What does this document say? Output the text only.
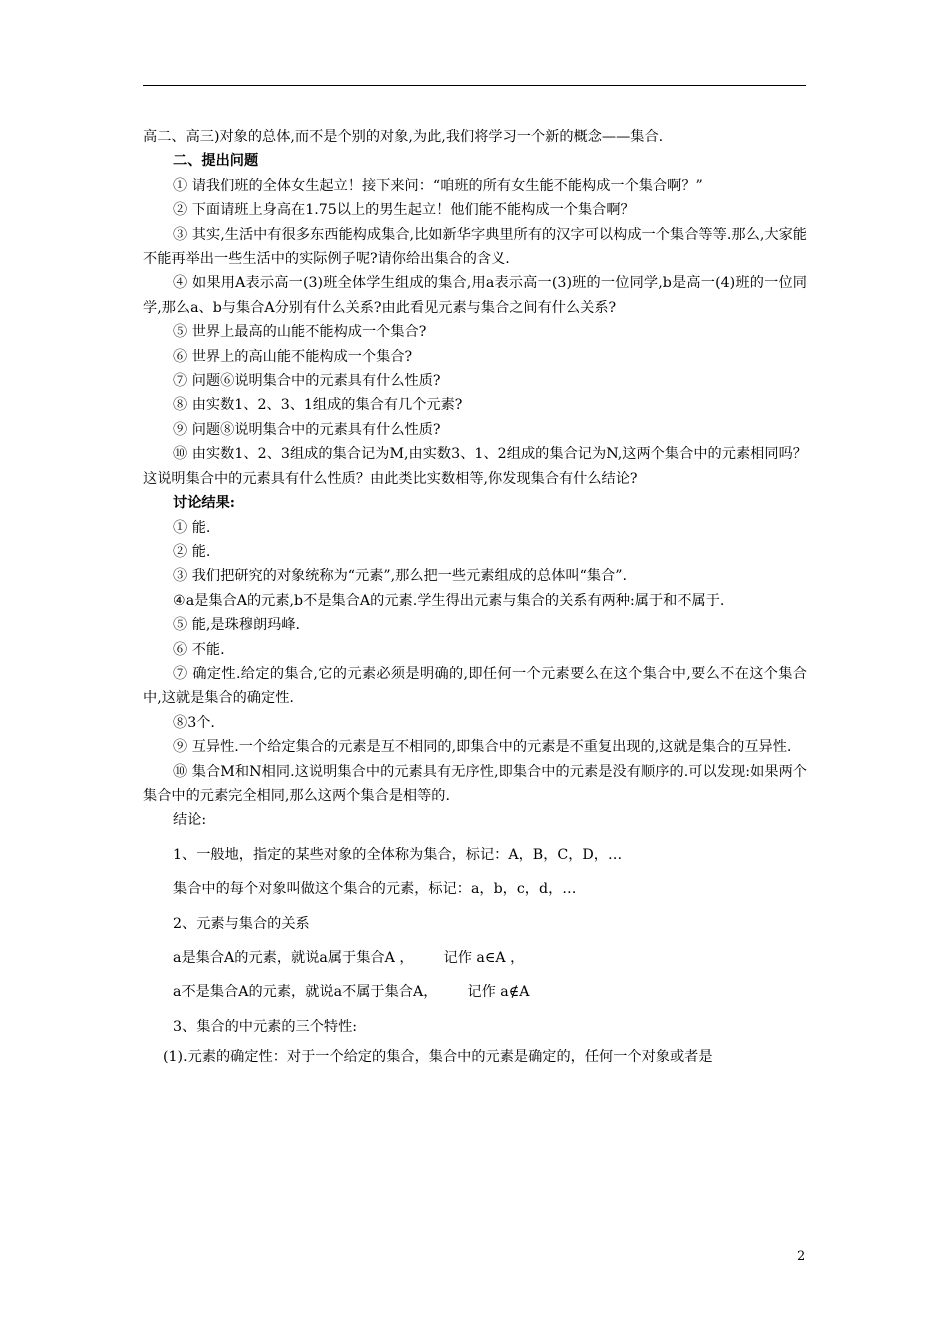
高二、高三)对象的总体,而不是个别的对象,为此,我们将学习一个新的概念——集合.

二、提出问题

① 请我们班的全体女生起立！接下来问：“咱班的所有女生能不能构成一个集合啊？”

② 下面请班上身高在1.75以上的男生起立！他们能不能构成一个集合啊？

③ 其实,生活中有很多东西能构成集合,比如新华字典里所有的汉字可以构成一个集合等等.那么,大家能不能再举出一些生活中的实际例子呢?请你给出集合的含义.

④ 如果用A表示高一(3)班全体学生组成的集合,用a表示高一(3)班的一位同学,b是高一(4)班的一位同学,那么a、b与集合A分别有什么关系?由此看见元素与集合之间有什么关系?

⑤ 世界上最高的山能不能构成一个集合?

⑥ 世界上的高山能不能构成一个集合?

⑦ 问题⑥说明集合中的元素具有什么性质?

⑧ 由实数1、2、3、1组成的集合有几个元素?

⑨ 问题⑧说明集合中的元素具有什么性质?

⑩ 由实数1、2、3组成的集合记为M,由实数3、1、2组成的集合记为N,这两个集合中的元素相同吗？这说明集合中的元素具有什么性质？由此类比实数相等,你发现集合有什么结论?

讨论结果:

① 能.

② 能.

③ 我们把研究的对象统称为“元素”,那么把一些元素组成的总体叫“集合”.

④a是集合A的元素,b不是集合A的元素.学生得出元素与集合的关系有两种:属于和不属于.

⑤ 能,是珠穆朗玛峰.

⑥ 不能.

⑦ 确定性.给定的集合,它的元素必须是明确的,即任何一个元素要么在这个集合中,要么不在这个集合中,这就是集合的确定性.

⑧3个.

⑨ 互异性.一个给定集合的元素是互不相同的,即集合中的元素是不重复出现的,这就是集合的互异性.

⑩ 集合M和N相同.这说明集合中的元素具有无序性,即集合中的元素是没有顺序的.可以发现:如果两个集合中的元素完全相同,那么这两个集合是相等的.

结论:

1、一般地，指定的某些对象的全体称为集合，标记：A，B，C，D，…

集合中的每个对象叫做这个集合的元素，标记：a，b，c，d，…

2、元素与集合的关系

a是集合A的元素，就说a属于集合A ， 记作 a∈A ，

a不是集合A的元素，就说a不属于集合A， 记作 a∉A

3、集合的中元素的三个特性:

(1).元素的确定性：对于一个给定的集合，集合中的元素是确定的，任何一个对象或者是

2
